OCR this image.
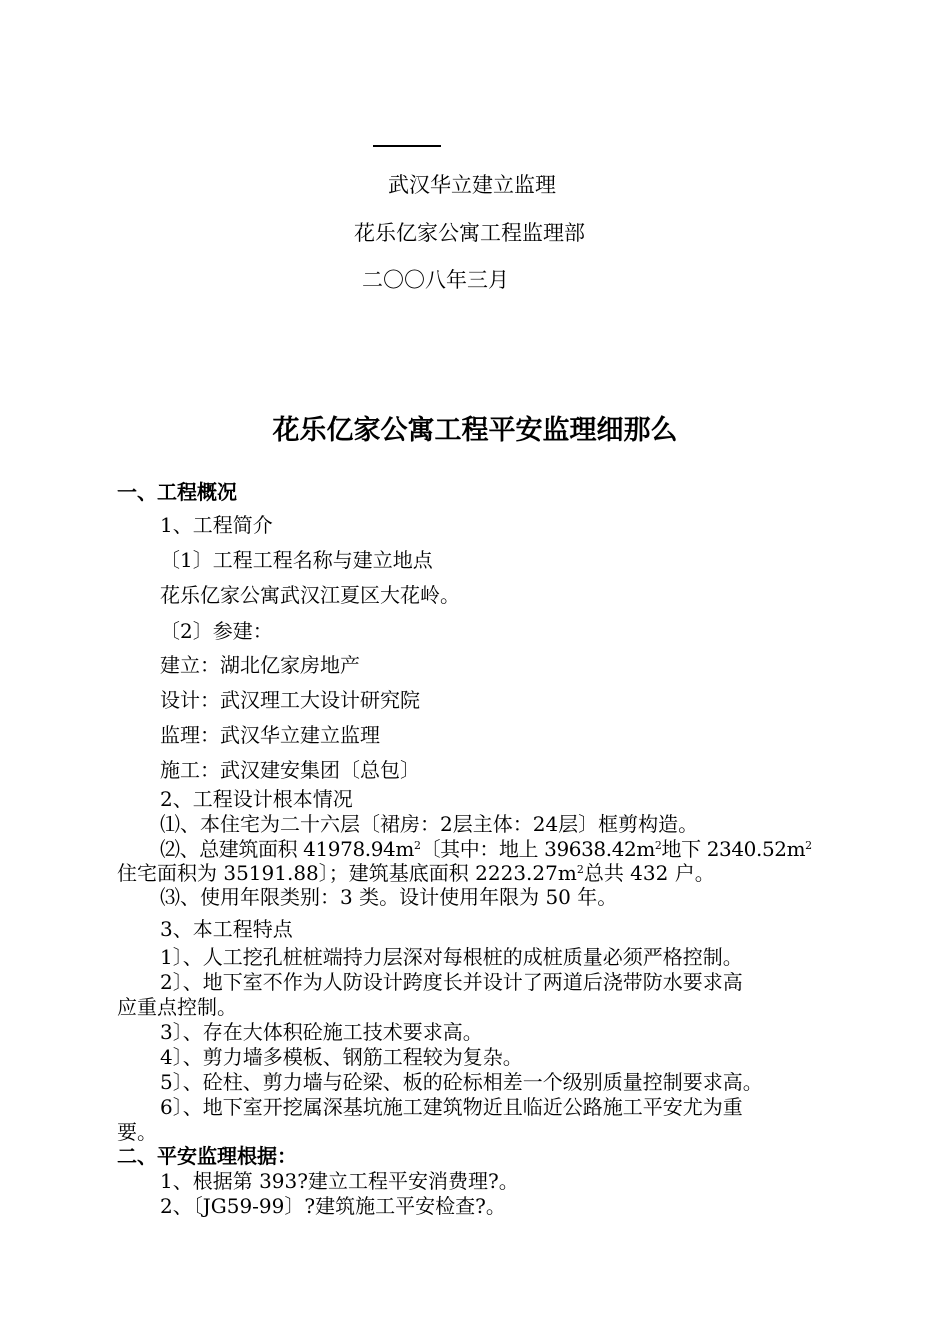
武汉华立建立监理
花乐亿家公寓工程监理部
二〇〇八年三月
花乐亿家公寓工程平安监理细那么
一、工程概况
1、工程简介
〔1〕工程工程名称与建立地点
花乐亿家公寓武汉江夏区大花岭。
〔2〕参建：
建立：湖北亿家房地产
设计：武汉理工大设计研究院
监理：武汉华立建立监理
施工：武汉建安集团〔总包〕
2、工程设计根本情况
⑴、本住宅为二十六层〔裙房：2层主体：24层〕框剪构造。
⑵、总建筑面积 $41978.94m^2$〔其中：地上 $39638.42m^2$地下 $2340.52m^2$
住宅面积为 35191.88〕；建筑基底面积 $2223.27m^2$总共 432 户。
⑶、使用年限类别：3 类。设计使用年限为 50 年。
3、本工程特点
1〕、人工挖孔桩桩端持力层深对每根桩的成桩质量必须严格控制。
2〕、地下室不作为人防设计跨度长并设计了两道后浇带防水要求高
应重点控制。
3〕、存在大体积砼施工技术要求高。
4〕、剪力墙多模板、钢筋工程较为复杂。
5〕、砼柱、剪力墙与砼梁、板的砼标相差一个级别质量控制要求高。
6〕、地下室开挖属深基坑施工建筑物近且临近公路施工平安尤为重
要。
二、平安监理根据：
1、根据第 393?建立工程平安消费理?。
2、〔JG59-99〕?建筑施工平安检查?。
